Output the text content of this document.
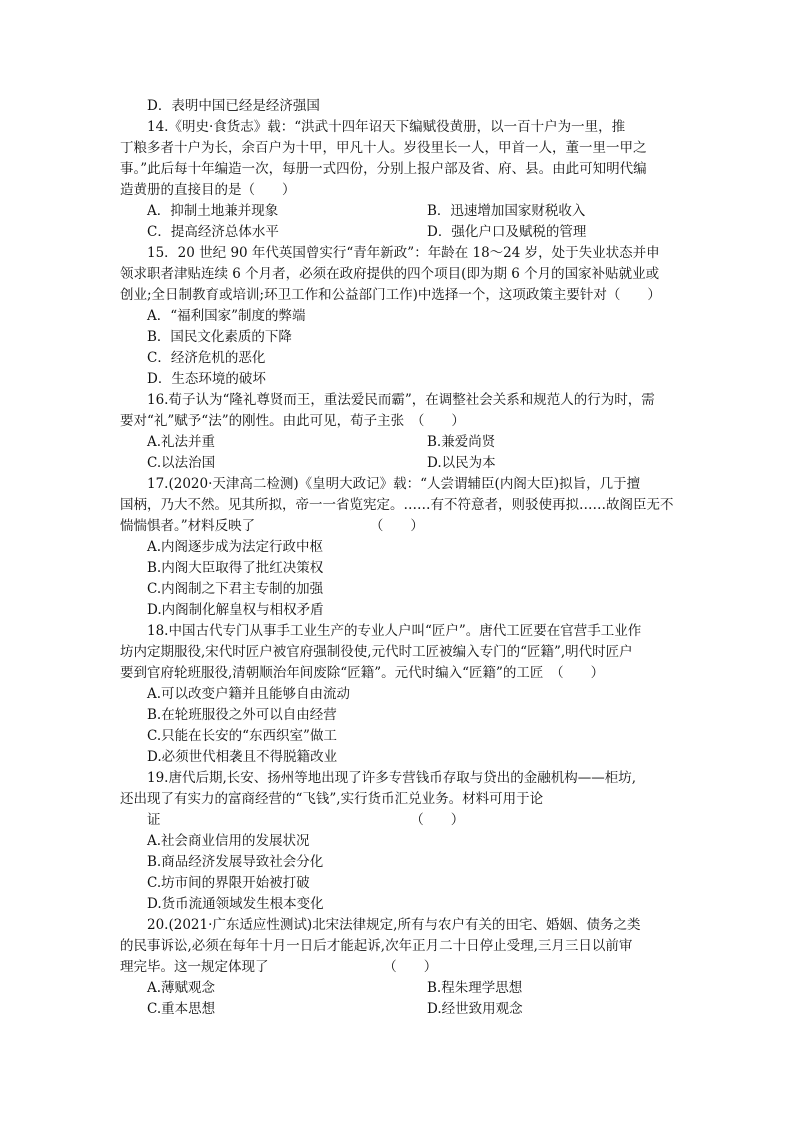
D．表明中国已经是经济强国
14.《明史·食货志》载：“洪武十四年诏天下编赋役黄册，以一百十户为一里，推
丁粮多者十户为长，余百户为十甲，甲凡十人。岁役里长一人，甲首一人，董一里一甲之
事。”此后每十年编造一次，每册一式四份，分别上报户部及省、府、县。由此可知明代编
造黄册的直接目的是（　　）
A．抑制土地兼并现象	B．迅速增加国家财税收入
C．提高经济总体水平	D．强化户口及赋税的管理
15．20 世纪 90 年代英国曾实行“青年新政”：年龄在 18～24 岁，处于失业状态并申
领求职者津贴连续 6 个月者，必须在政府提供的四个项目(即为期 6 个月的国家补贴就业或
创业;全日制教育或培训;环卫工作和公益部门工作)中选择一个，这项政策主要针对（　　）
A．“福利国家”制度的弊端
B．国民文化素质的下降
C．经济危机的恶化
D．生态环境的破坏
16.荀子认为“隆礼尊贤而王，重法爱民而霸”，在调整社会关系和规范人的行为时，需
要对“礼”赋予“法”的刚性。由此可见，荀子主张　（　　）
A.礼法并重	B.兼爱尚贤
C.以法治国	D.以民为本
17.(2020·天津高二检测)《皇明大政记》载：“人尝谓辅臣(内阁大臣)拟旨，几于擅
国柄，乃大不然。见其所拟，帝一一省览宪定。……有不符意者，则驳使再拟……故阁臣无不
惴惴惧者。”材料反映了　　　　　　　　　（　　）
A.内阁逐步成为法定行政中枢
B.内阁大臣取得了批红决策权
C.内阁制之下君主专制的加强
D.内阁制化解皇权与相权矛盾
18.中国古代专门从事手工业生产的专业人户叫“匠户”。唐代工匠要在官营手工业作
坊内定期服役,宋代时匠户被官府强制役使,元代时工匠被编入专门的“匠籍”,明代时匠户
要到官府轮班服役,清朝顺治年间废除“匠籍”。元代时编入“匠籍”的工匠　（　　）
A.可以改变户籍并且能够自由流动
B.在轮班服役之外可以自由经营
C.只能在长安的“东西织室”做工
D.必须世代相袭且不得脱籍改业
19.唐代后期,长安、扬州等地出现了许多专营钱币存取与贷出的金融机构——柜坊,
还出现了有实力的富商经营的“飞钱”,实行货币汇兑业务。材料可用于论
证　　　　　　　　　　　　　　　　　　　（　　）
A.社会商业信用的发展状况
B.商品经济发展导致社会分化
C.坊市间的界限开始被打破
D.货币流通领域发生根本变化
20.(2021·广东适应性测试)北宋法律规定,所有与农户有关的田宅、婚姻、债务之类
的民事诉讼,必须在每年十月一日后才能起诉,次年正月二十日停止受理,三月三日以前审
理完毕。这一规定体现了　　　　　　　　　（　　）
A.薄赋观念	B.程朱理学思想
C.重本思想	D.经世致用观念
